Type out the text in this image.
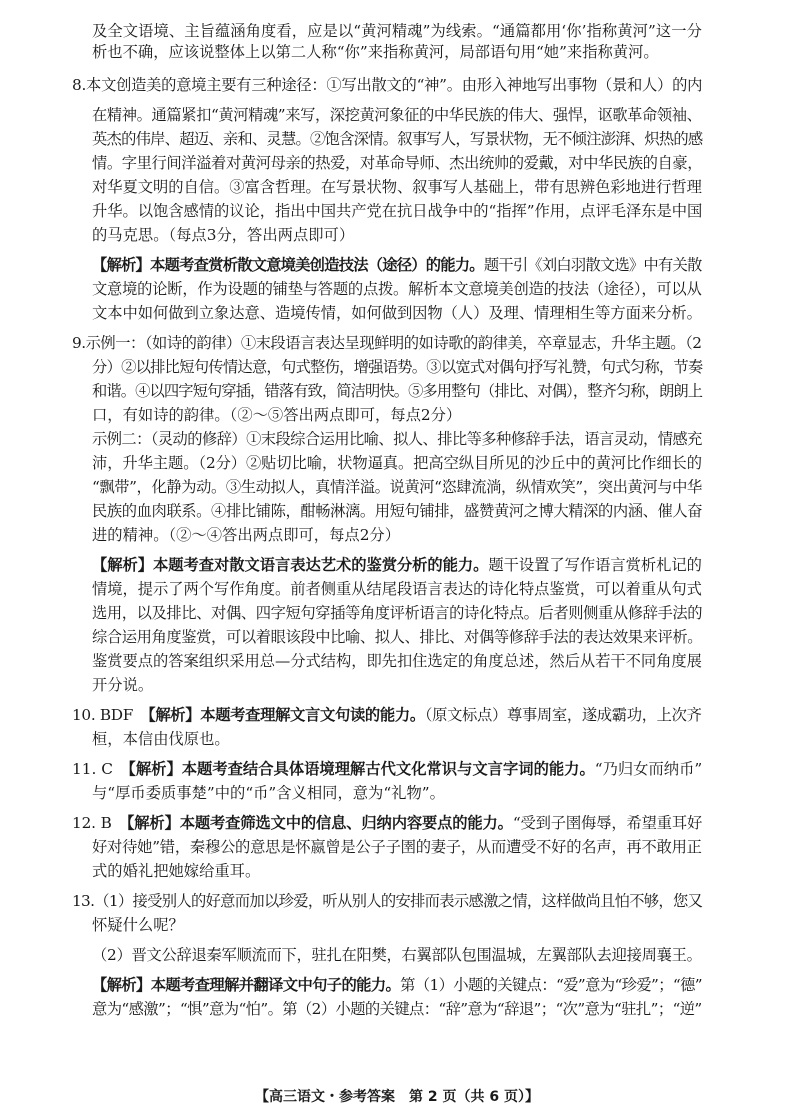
及全文语境、主旨蕴涵角度看，应是以“黄河精魂”为线索。“通篇都用‘你’指称黄河”这一分
析也不确，应该说整体上以第二人称“你”来指称黄河，局部语句用“她”来指称黄河。
8.本文创造美的意境主要有三种途径：①写出散文的“神”。由形入神地写出事物（景和人）的内
在精神。通篇紧扣“黄河精魂”来写，深挖黄河象征的中华民族的伟大、强悍，讴歌革命领袖、
英杰的伟岸、超迈、亲和、灵慧。②饱含深情。叙事写人，写景状物，无不倾注澎湃、炽热的感
情。字里行间洋溢着对黄河母亲的热爱，对革命导师、杰出统帅的爱戴，对中华民族的自豪，
对华夏文明的自信。③富含哲理。在写景状物、叙事写人基础上，带有思辨色彩地进行哲理
升华。以饱含感情的议论，指出中国共产党在抗日战争中的“指挥”作用，点评毛泽东是中国
的马克思。（每点3分，答出两点即可）
【解析】本题考查赏析散文意境美创造技法（途径）的能力。题干引《刘白羽散文选》中有关散
文意境的论断，作为设题的铺垫与答题的点拨。解析本文意境美创造的技法（途径），可以从
文本中如何做到立象达意、造境传情，如何做到因物（人）及理、情理相生等方面来分析。
9.示例一：（如诗的韵律）①末段语言表达呈现鲜明的如诗歌的韵律美，卒章显志，升华主题。（2
分）②以排比短句传情达意，句式整伤，增强语势。③以宽式对偶句抒写礼赞，句式匀称，节奏
和谐。④以四字短句穿插，错落有致，简洁明快。⑤多用整句（排比、对偶），整齐匀称，朗朗上
口，有如诗的韵律。（②～⑤答出两点即可，每点2分）
示例二：（灵动的修辞）①末段综合运用比喻、拟人、排比等多种修辞手法，语言灵动，情感充
沛，升华主题。（2分）②贴切比喻，状物逼真。把高空纵目所见的沙丘中的黄河比作细长的
“飘带”，化静为动。③生动拟人，真情洋溢。说黄河“恣肆流淌，纵情欢笑”，突出黄河与中华
民族的血肉联系。④排比铺陈，酣畅淋漓。用短句铺排，盛赞黄河之博大精深的内涵、催人奋
进的精神。（②～④答出两点即可，每点2分）
【解析】本题考查对散文语言表达艺术的鉴赏分析的能力。题干设置了写作语言赏析札记的
情境，提示了两个写作角度。前者侧重从结尾段语言表达的诗化特点鉴赏，可以着重从句式
选用，以及排比、对偶、四字短句穿插等角度评析语言的诗化特点。后者则侧重从修辞手法的
综合运用角度鉴赏，可以着眼该段中比喻、拟人、排比、对偶等修辞手法的表达效果来评析。
鉴赏要点的答案组织采用总—分式结构，即先扣住选定的角度总述，然后从若干不同角度展
开分说。
10. BDF　【解析】本题考查理解文言文句读的能力。（原文标点）尊事周室，遂成霸功，上次齐
桓，本信由伐原也。
11. C　【解析】本题考查结合具体语境理解古代文化常识与文言字词的能力。“乃归女而纳币”
与“厚币委质事楚”中的“币”含义相同，意为“礼物”。
12. B　【解析】本题考查筛选文中的信息、归纳内容要点的能力。“受到子圉侮辱，希望重耳好
好对待她”错，秦穆公的意思是怀嬴曾是公子子圉的妻子，从而遭受不好的名声，再不敢用正
式的婚礼把她嫁给重耳。
13.（1）接受别人的好意而加以珍爱，听从别人的安排而表示感激之情，这样做尚且怕不够，您又
怀疑什么呢？
（2）晋文公辞退秦军顺流而下，驻扎在阳樊，右翼部队包围温城，左翼部队去迎接周襄王。
【解析】本题考查理解并翻译文中句子的能力。第（1）小题的关键点：“爱”意为“珍爱”；“德”
意为“感激”；“惧”意为“怕”。第（2）小题的关键点：“辞”意为“辞退”；“次”意为“驻扎”；“逆”
【高三语文・参考答案　第 2 页（共 6 页）】
